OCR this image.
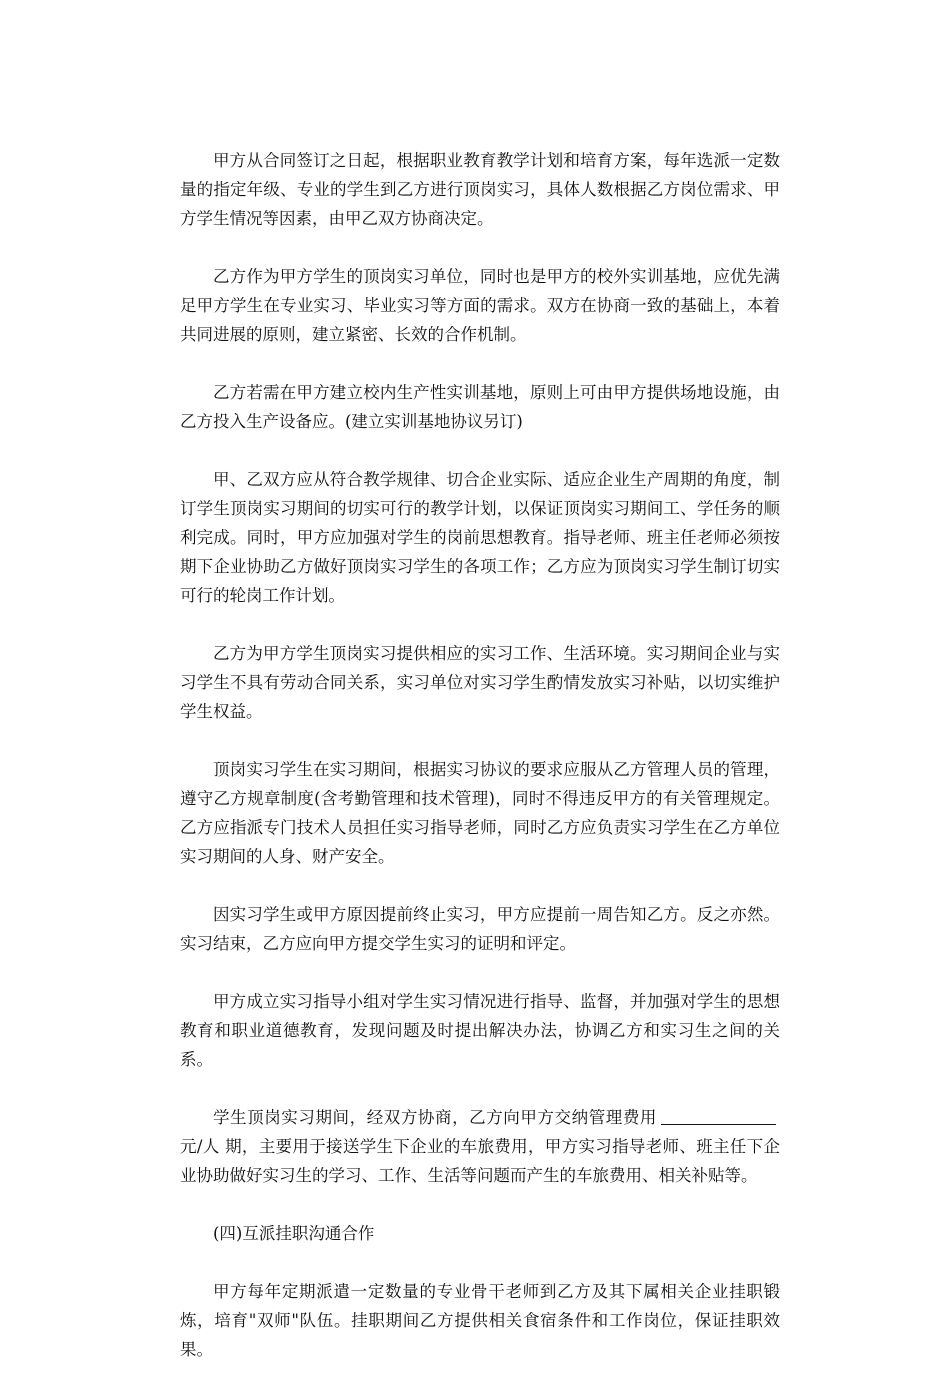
甲方从合同签订之日起，根据职业教育教学计划和培育方案，每年选派一定数量的指定年级、专业的学生到乙方进行顶岗实习，具体人数根据乙方岗位需求、甲方学生情况等因素，由甲乙双方协商决定。

乙方作为甲方学生的顶岗实习单位，同时也是甲方的校外实训基地，应优先满足甲方学生在专业实习、毕业实习等方面的需求。双方在协商一致的基础上，本着共同进展的原则，建立紧密、长效的合作机制。

乙方若需在甲方建立校内生产性实训基地，原则上可由甲方提供场地设施，由乙方投入生产设备应。(建立实训基地协议另订)

甲、乙双方应从符合教学规律、切合企业实际、适应企业生产周期的角度，制订学生顶岗实习期间的切实可行的教学计划，以保证顶岗实习期间工、学任务的顺利完成。同时，甲方应加强对学生的岗前思想教育。指导老师、班主任老师必须按期下企业协助乙方做好顶岗实习学生的各项工作；乙方应为顶岗实习学生制订切实可行的轮岗工作计划。

乙方为甲方学生顶岗实习提供相应的实习工作、生活环境。实习期间企业与实习学生不具有劳动合同关系，实习单位对实习学生酌情发放实习补贴，以切实维护学生权益。

顶岗实习学生在实习期间，根据实习协议的要求应服从乙方管理人员的管理，遵守乙方规章制度(含考勤管理和技术管理)，同时不得违反甲方的有关管理规定。乙方应指派专门技术人员担任实习指导老师，同时乙方应负责实习学生在乙方单位实习期间的人身、财产安全。

因实习学生或甲方原因提前终止实习，甲方应提前一周告知乙方。反之亦然。实习结束，乙方应向甲方提交学生实习的证明和评定。

甲方成立实习指导小组对学生实习情况进行指导、监督，并加强对学生的思想教育和职业道德教育，发现问题及时提出解决办法，协调乙方和实习生之间的关系。

学生顶岗实习期间，经双方协商，乙方向甲方交纳管理费用元/人 期，主要用于接送学生下企业的车旅费用，甲方实习指导老师、班主任下企业协助做好实习生的学习、工作、生活等问题而产生的车旅费用、相关补贴等。

(四)互派挂职沟通合作

甲方每年定期派遣一定数量的专业骨干老师到乙方及其下属相关企业挂职锻炼，培育"双师"队伍。挂职期间乙方提供相关食宿条件和工作岗位，保证挂职效果。
